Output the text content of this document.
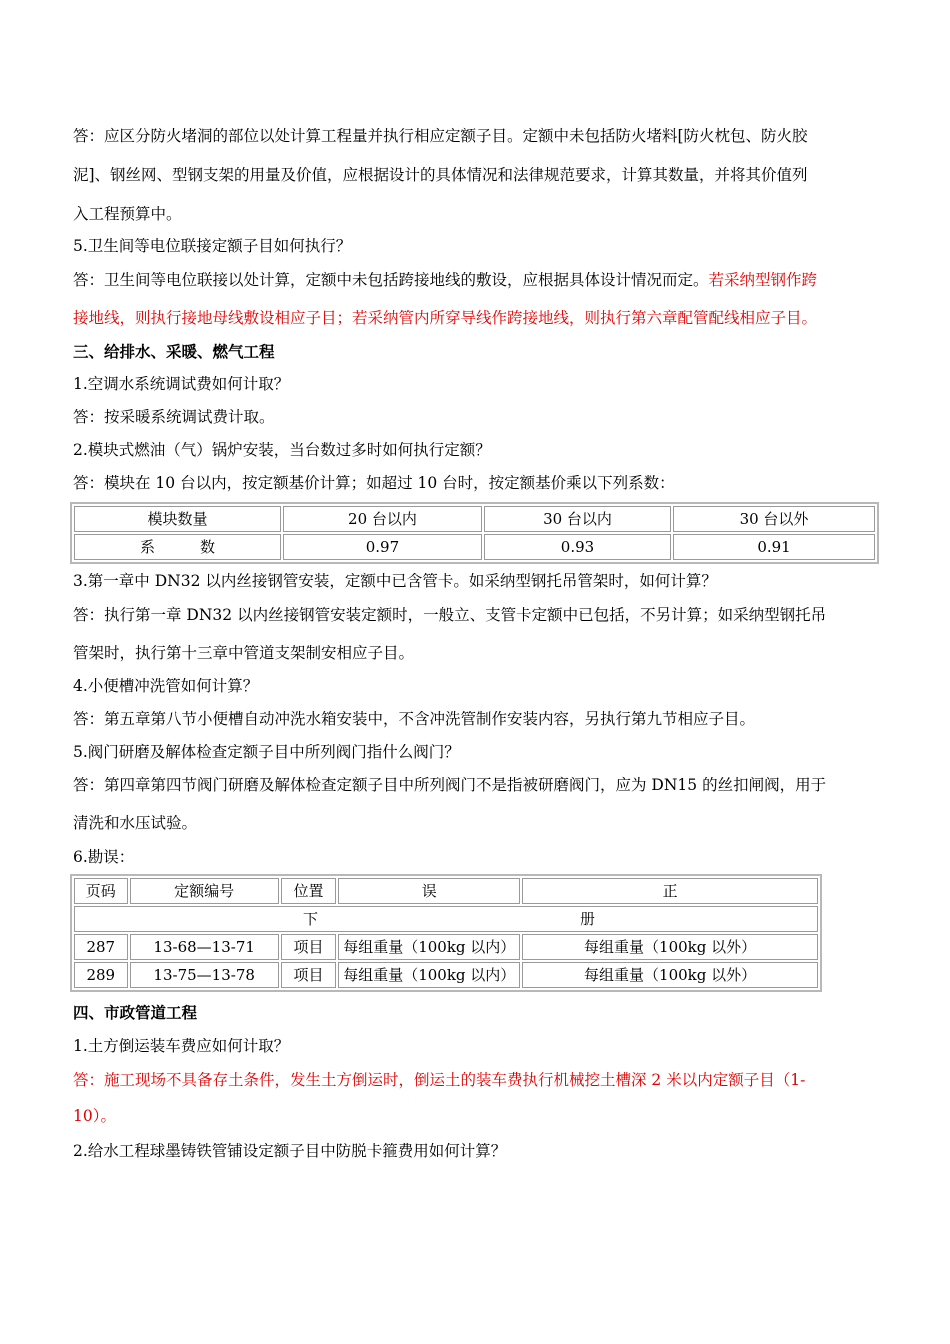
答：应区分防火堵洞的部位以处计算工程量并执行相应定额子目。定额中未包括防火堵料[防火枕包、防火胶
泥]、钢丝网、型钢支架的用量及价值，应根据设计的具体情况和法律规范要求，计算其数量，并将其价值列
入工程预算中。
5.卫生间等电位联接定额子目如何执行？
答：卫生间等电位联接以处计算，定额中未包括跨接地线的敷设，应根据具体设计情况而定。若采纳型钢作跨
接地线，则执行接地母线敷设相应子目；若采纳管内所穿导线作跨接地线，则执行第六章配管配线相应子目。
三、给排水、采暖、燃气工程
1.空调水系统调试费如何计取？
答：按采暖系统调试费计取。
2.模块式燃油（气）锅炉安装，当台数过多时如何执行定额？
答：模块在 10 台以内，按定额基价计算；如超过 10 台时，按定额基价乘以下列系数：
模块数量	20 台以内	30 台以内	30 台以外
系　　　数	0.97	0.93	0.91
3.第一章中 DN32 以内丝接钢管安装，定额中已含管卡。如采纳型钢托吊管架时，如何计算？
答：执行第一章 DN32 以内丝接钢管安装定额时，一般立、支管卡定额中已包括，不另计算；如采纳型钢托吊
管架时，执行第十三章中管道支架制安相应子目。
4.小便槽冲洗管如何计算？
答：第五章第八节小便槽自动冲洗水箱安装中，不含冲洗管制作安装内容，另执行第九节相应子目。
5.阀门研磨及解体检查定额子目中所列阀门指什么阀门？
答：第四章第四节阀门研磨及解体检查定额子目中所列阀门不是指被研磨阀门，应为 DN15 的丝扣闸阀，用于
清洗和水压试验。
6.勘误：
页码	定额编号	位置	误	正

下 册				

287	13-68—13-71	项目	每组重量（100kg 以内）	每组重量（100kg 以外）
289	13-75—13-78	项目	每组重量（100kg 以内）	每组重量（100kg 以外）
四、市政管道工程
1.土方倒运装车费应如何计取？
答：施工现场不具备存土条件，发生土方倒运时，倒运土的装车费执行机械挖土槽深 2 米以内定额子目（1-
10）。
2.给水工程球墨铸铁管铺设定额子目中防脱卡箍费用如何计算？
